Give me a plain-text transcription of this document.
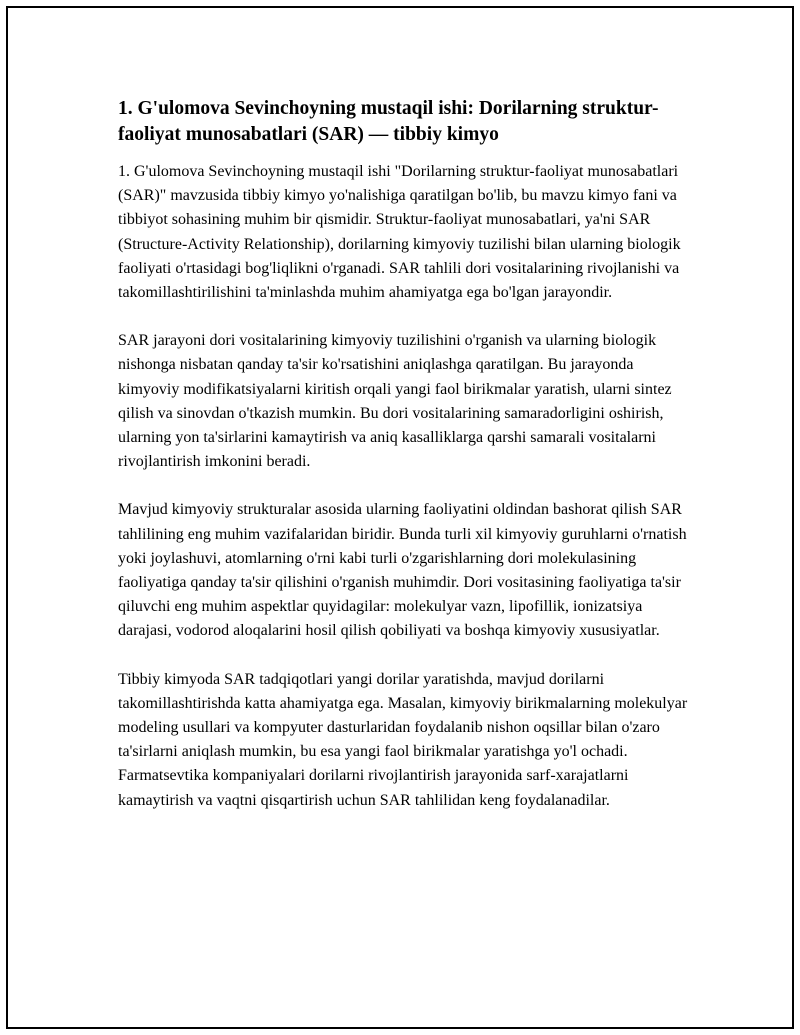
1. G'ulomova Sevinchoyning mustaqil ishi: Dorilarning struktur-faoliyat munosabatlari (SAR) — tibbiy kimyo

1. G'ulomova Sevinchoyning mustaqil ishi "Dorilarning struktur-faoliyat munosabatlari (SAR)" mavzusida tibbiy kimyo yo'nalishiga qaratilgan bo'lib, bu mavzu kimyo fani va tibbiyot sohasining muhim bir qismidir. Struktur-faoliyat munosabatlari, ya'ni SAR (Structure-Activity Relationship), dorilarning kimyoviy tuzilishi bilan ularning biologik faoliyati o'rtasidagi bog'liqlikni o'rganadi. SAR tahlili dori vositalarining rivojlanishi va takomillashtirilishini ta'minlashda muhim ahamiyatga ega bo'lgan jarayondir.

SAR jarayoni dori vositalarining kimyoviy tuzilishini o'rganish va ularning biologik nishonga nisbatan qanday ta'sir ko'rsatishini aniqlashga qaratilgan. Bu jarayonda kimyoviy modifikatsiyalarni kiritish orqali yangi faol birikmalar yaratish, ularni sintez qilish va sinovdan o'tkazish mumkin. Bu dori vositalarining samaradorligini oshirish, ularning yon ta'sirlarini kamaytirish va aniq kasalliklarga qarshi samarali vositalarni rivojlantirish imkonini beradi.

Mavjud kimyoviy strukturalar asosida ularning faoliyatini oldindan bashorat qilish SAR tahlilining eng muhim vazifalaridan biridir. Bunda turli xil kimyoviy guruhlarni o'rnatish yoki joylashuvi, atomlarning o'rni kabi turli o'zgarishlarning dori molekulasining faoliyatiga qanday ta'sir qilishini o'rganish muhimdir. Dori vositasining faoliyatiga ta'sir qiluvchi eng muhim aspektlar quyidagilar: molekulyar vazn, lipofillik, ionizatsiya darajasi, vodorod aloqalarini hosil qilish qobiliyati va boshqa kimyoviy xususiyatlar.

Tibbiy kimyoda SAR tadqiqotlari yangi dorilar yaratishda, mavjud dorilarni takomillashtirishda katta ahamiyatga ega. Masalan, kimyoviy birikmalarning molekulyar modeling usullari va kompyuter dasturlaridan foydalanib nishon oqsillar bilan o'zaro ta'sirlarni aniqlash mumkin, bu esa yangi faol birikmalar yaratishga yo'l ochadi. Farmatsevtika kompaniyalari dorilarni rivojlantirish jarayonida sarf-xarajatlarni kamaytirish va vaqtni qisqartirish uchun SAR tahlilidan keng foydalanadilar.
